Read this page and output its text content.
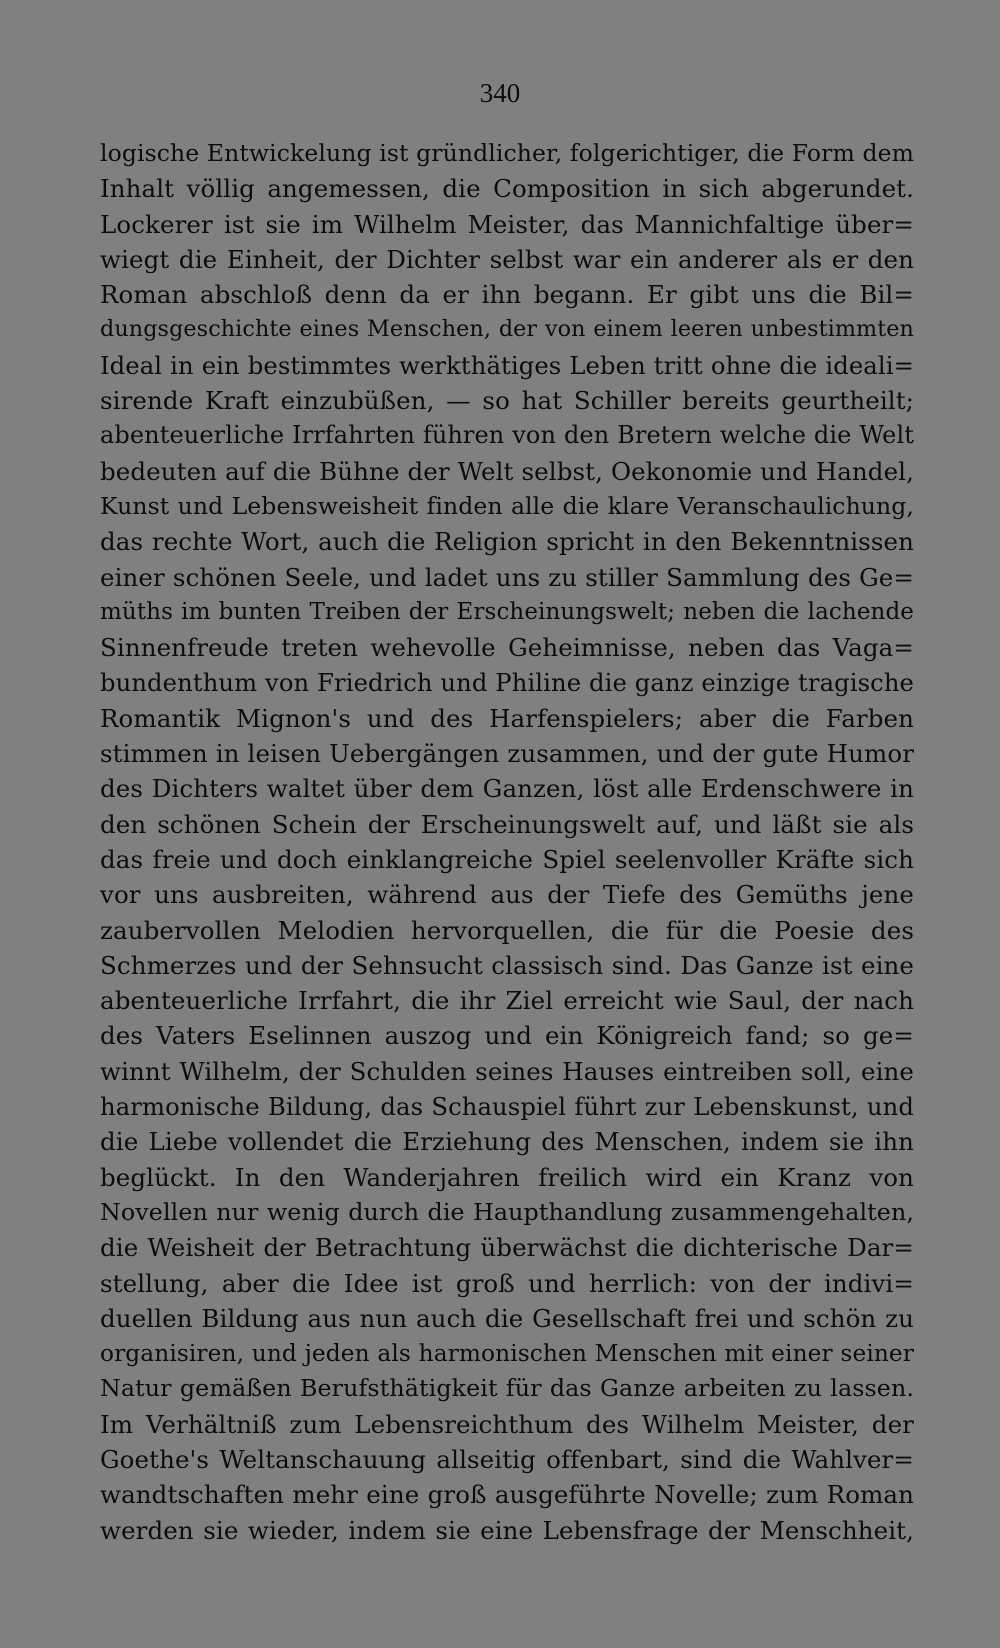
340
logische Entwickelung ist gründlicher, folgerichtiger, die Form dem
Inhalt völlig angemessen, die Composition in sich abgerundet.
Lockerer ist sie im Wilhelm Meister, das Mannichfaltige über=
wiegt die Einheit, der Dichter selbst war ein anderer als er den
Roman abschloß denn da er ihn begann. Er gibt uns die Bil=
dungsgeschichte eines Menschen, der von einem leeren unbestimmten
Ideal in ein bestimmtes werkthätiges Leben tritt ohne die ideali=
sirende Kraft einzubüßen, — so hat Schiller bereits geurtheilt;
abenteuerliche Irrfahrten führen von den Bretern welche die Welt
bedeuten auf die Bühne der Welt selbst, Oekonomie und Handel,
Kunst und Lebensweisheit finden alle die klare Veranschaulichung,
das rechte Wort, auch die Religion spricht in den Bekenntnissen
einer schönen Seele, und ladet uns zu stiller Sammlung des Ge=
müths im bunten Treiben der Erscheinungswelt; neben die lachende
Sinnenfreude treten wehevolle Geheimnisse, neben das Vaga=
bundenthum von Friedrich und Philine die ganz einzige tragische
Romantik Mignon's und des Harfenspielers; aber die Farben
stimmen in leisen Uebergängen zusammen, und der gute Humor
des Dichters waltet über dem Ganzen, löst alle Erdenschwere in
den schönen Schein der Erscheinungswelt auf, und läßt sie als
das freie und doch einklangreiche Spiel seelenvoller Kräfte sich
vor uns ausbreiten, während aus der Tiefe des Gemüths jene
zaubervollen Melodien hervorquellen, die für die Poesie des
Schmerzes und der Sehnsucht classisch sind. Das Ganze ist eine
abenteuerliche Irrfahrt, die ihr Ziel erreicht wie Saul, der nach
des Vaters Eselinnen auszog und ein Königreich fand; so ge=
winnt Wilhelm, der Schulden seines Hauses eintreiben soll, eine
harmonische Bildung, das Schauspiel führt zur Lebenskunst, und
die Liebe vollendet die Erziehung des Menschen, indem sie ihn
beglückt. In den Wanderjahren freilich wird ein Kranz von
Novellen nur wenig durch die Haupthandlung zusammengehalten,
die Weisheit der Betrachtung überwächst die dichterische Dar=
stellung, aber die Idee ist groß und herrlich: von der indivi=
duellen Bildung aus nun auch die Gesellschaft frei und schön zu
organisiren, und jeden als harmonischen Menschen mit einer seiner
Natur gemäßen Berufsthätigkeit für das Ganze arbeiten zu lassen.
Im Verhältniß zum Lebensreichthum des Wilhelm Meister, der
Goethe's Weltanschauung allseitig offenbart, sind die Wahlver=
wandtschaften mehr eine groß ausgeführte Novelle; zum Roman
werden sie wieder, indem sie eine Lebensfrage der Menschheit,
